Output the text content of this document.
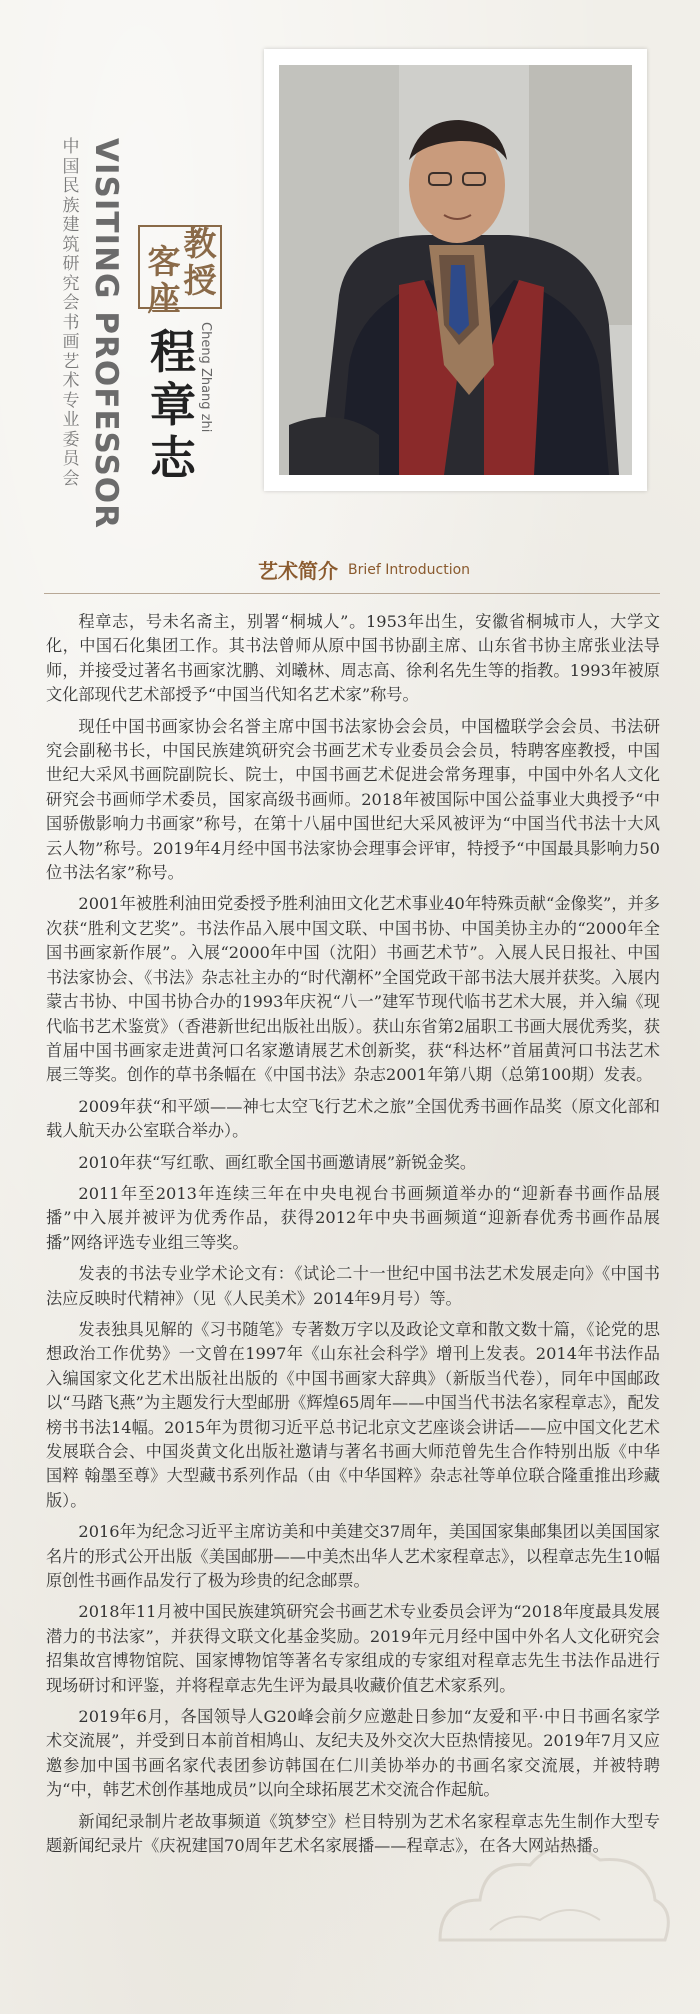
中国民族建筑研究会书画艺术专业委员会 VISITING PROFESSOR 客座
教授
Cheng Zhang zhi
程章志
艺术简介 Brief Introduction

程章志，号未名斋主，别署“桐城人”。1953年出生，安徽省桐城市人，大学文化，中国石化集团工作。其书法曾师从原中国书协副主席、山东省书协主席张业法导师，并接受过著名书画家沈鹏、刘曦林、周志高、徐利名先生等的指教。1993年被原文化部现代艺术部授予“中国当代知名艺术家”称号。

现任中国书画家协会名誉主席中国书法家协会会员，中国楹联学会会员、书法研究会副秘书长，中国民族建筑研究会书画艺术专业委员会会员，特聘客座教授，中国世纪大采风书画院副院长、院士，中国书画艺术促进会常务理事，中国中外名人文化研究会书画师学术委员，国家高级书画师。2018年被国际中国公益事业大典授予“中国骄傲影响力书画家”称号，在第十八届中国世纪大采风被评为“中国当代书法十大风云人物”称号。2019年4月经中国书法家协会理事会评审，特授予“中国最具影响力50位书法名家”称号。

2001年被胜利油田党委授予胜利油田文化艺术事业40年特殊贡献“金像奖”，并多次获“胜利文艺奖”。书法作品入展中国文联、中国书协、中国美协主办的“2000年全国书画家新作展”。入展“2000年中国（沈阳）书画艺术节”。入展人民日报社、中国书法家协会、《书法》杂志社主办的“时代潮杯”全国党政干部书法大展并获奖。入展内蒙古书协、中国书协合办的1993年庆祝“八一”建军节现代临书艺术大展，并入编《现代临书艺术鉴赏》（香港新世纪出版社出版）。获山东省第2届职工书画大展优秀奖，获首届中国书画家走进黄河口名家邀请展艺术创新奖，获“科达杯”首届黄河口书法艺术展三等奖。创作的草书条幅在《中国书法》杂志2001年第八期（总第100期）发表。

2009年获“和平颂——神七太空飞行艺术之旅”全国优秀书画作品奖（原文化部和载人航天办公室联合举办）。

2010年获“写红歌、画红歌全国书画邀请展”新锐金奖。

2011年至2013年连续三年在中央电视台书画频道举办的“迎新春书画作品展播”中入展并被评为优秀作品，获得2012年中央书画频道“迎新春优秀书画作品展播”网络评选专业组三等奖。

发表的书法专业学术论文有：《试论二十一世纪中国书法艺术发展走向》《中国书法应反映时代精神》（见《人民美术》2014年9月号）等。

发表独具见解的《习书随笔》专著数万字以及政论文章和散文数十篇，《论党的思想政治工作优势》一文曾在1997年《山东社会科学》增刊上发表。2014年书法作品入编国家文化艺术出版社出版的《中国书画家大辞典》（新版当代卷），同年中国邮政以“马踏飞燕”为主题发行大型邮册《辉煌65周年——中国当代书法名家程章志》，配发榜书书法14幅。2015年为贯彻习近平总书记北京文艺座谈会讲话——应中国文化艺术发展联合会、中国炎黄文化出版社邀请与著名书画大师范曾先生合作特别出版《中华国粹 翰墨至尊》大型藏书系列作品（由《中华国粹》杂志社等单位联合隆重推出珍藏版）。

2016年为纪念习近平主席访美和中美建交37周年，美国国家集邮集团以美国国家名片的形式公开出版《美国邮册——中美杰出华人艺术家程章志》，以程章志先生10幅原创性书画作品发行了极为珍贵的纪念邮票。

2018年11月被中国民族建筑研究会书画艺术专业委员会评为“2018年度最具发展潜力的书法家”，并获得文联文化基金奖励。2019年元月经中国中外名人文化研究会招集故宫博物馆院、国家博物馆等著名专家组成的专家组对程章志先生书法作品进行现场研讨和评鉴，并将程章志先生评为最具收藏价值艺术家系列。

2019年6月，各国领导人G20峰会前夕应邀赴日参加“友爱和平·中日书画名家学术交流展”，并受到日本前首相鸠山、友纪夫及外交次大臣热情接见。2019年7月又应邀参加中国书画名家代表团参访韩国在仁川美协举办的书画名家交流展，并被特聘为“中，韩艺术创作基地成员”以向全球拓展艺术交流合作起航。

新闻纪录制片老故事频道《筑梦空》栏目特别为艺术名家程章志先生制作大型专题新闻纪录片《庆祝建国70周年艺术名家展播——程章志》，在各大网站热播。
